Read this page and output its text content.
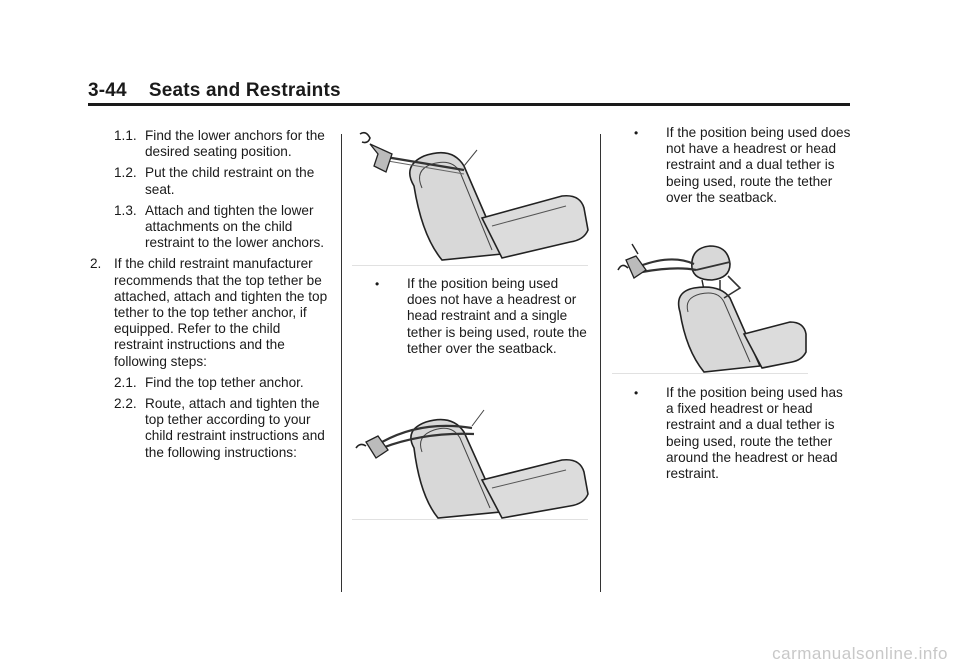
3-44 Seats and Restraints
1.1. Find the lower anchors for the desired seating position.
1.2. Put the child restraint on the seat.
1.3. Attach and tighten the lower attachments on the child restraint to the lower anchors.
2. If the child restraint manufacturer recommends that the top tether be attached, attach and tighten the top tether to the top tether anchor, if equipped. Refer to the child restraint instructions and the following steps:
2.1. Find the top tether anchor.
2.2. Route, attach and tighten the top tether according to your child restraint instructions and the following instructions:
• If the position being used does not have a headrest or head restraint and a single tether is being used, route the tether over the seatback.
• If the position being used does not have a headrest or head restraint and a dual tether is being used, route the tether over the seatback.
• If the position being used has a fixed headrest or head restraint and a dual tether is being used, route the tether around the headrest or head restraint.
carmanualsonline.info
